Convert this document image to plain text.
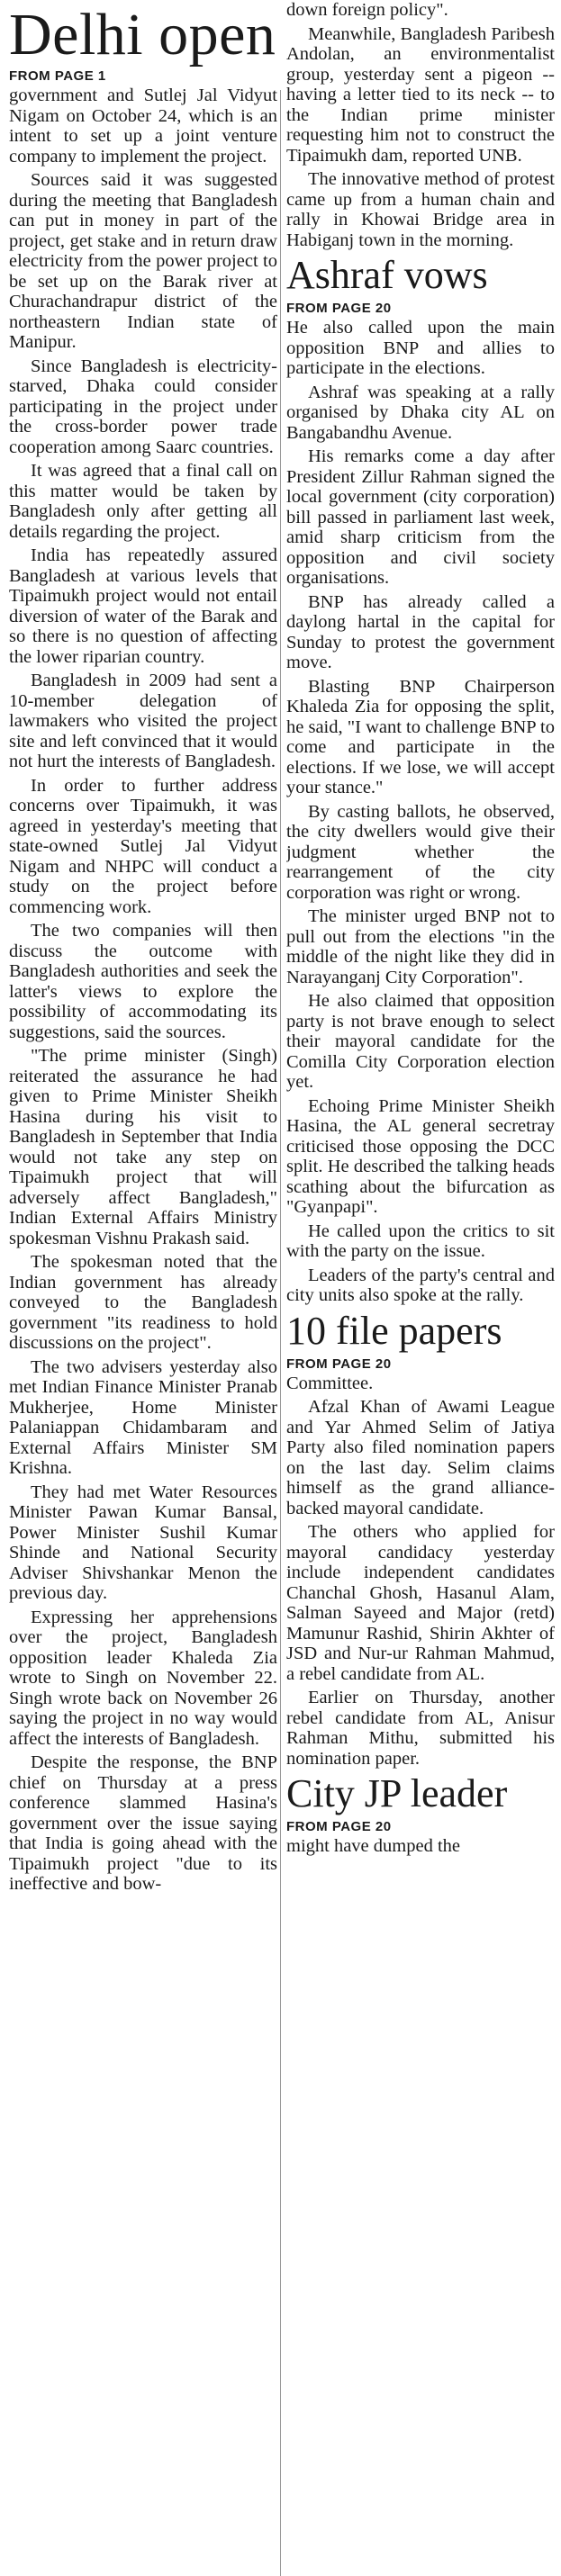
Delhi open
FROM PAGE 1

government and Sutlej Jal Vidyut Nigam on October 24, which is an intent to set up a joint venture company to implement the project.

Sources said it was suggested during the meeting that Bangladesh can put in money in part of the project, get stake and in return draw electricity from the power project to be set up on the Barak river at Churachandrapur district of the northeastern Indian state of Manipur.

Since Bangladesh is electricity-starved, Dhaka could consider participating in the project under the cross-border power trade cooperation among Saarc countries.

It was agreed that a final call on this matter would be taken by Bangladesh only after getting all details regarding the project.

India has repeatedly assured Bangladesh at various levels that Tipaimukh project would not entail diversion of water of the Barak and so there is no question of affecting the lower riparian country.

Bangladesh in 2009 had sent a 10-member delegation of lawmakers who visited the project site and left convinced that it would not hurt the interests of Bangladesh.

In order to further address concerns over Tipaimukh, it was agreed in yesterday's meeting that state-owned Sutlej Jal Vidyut Nigam and NHPC will conduct a study on the project before commencing work.

The two companies will then discuss the outcome with Bangladesh authorities and seek the latter's views to explore the possibility of accommodating its suggestions, said the sources.

"The prime minister (Singh) reiterated the assurance he had given to Prime Minister Sheikh Hasina during his visit to Bangladesh in September that India would not take any step on Tipaimukh project that will adversely affect Bangladesh," Indian External Affairs Ministry spokesman Vishnu Prakash said.

The spokesman noted that the Indian government has already conveyed to the Bangladesh government "its readiness to hold discussions on the project".

The two advisers yesterday also met Indian Finance Minister Pranab Mukherjee, Home Minister Palaniappan Chidambaram and External Affairs Minister SM Krishna.

They had met Water Resources Minister Pawan Kumar Bansal, Power Minister Sushil Kumar Shinde and National Security Adviser Shivshankar Menon the previous day.

Expressing her apprehensions over the project, Bangladesh opposition leader Khaleda Zia wrote to Singh on November 22. Singh wrote back on November 26 saying the project in no way would affect the interests of Bangladesh.

Despite the response, the BNP chief on Thursday at a press conference slammed Hasina's government over the issue saying that India is going ahead with the Tipaimukh project "due to its ineffective and bow-

down foreign policy".

Meanwhile, Bangladesh Paribesh Andolan, an environmentalist group, yesterday sent a pigeon -- having a letter tied to its neck -- to the Indian prime minister requesting him not to construct the Tipaimukh dam, reported UNB.

The innovative method of protest came up from a human chain and rally in Khowai Bridge area in Habiganj town in the morning.

Ashraf vows
FROM PAGE 20

He also called upon the main opposition BNP and allies to participate in the elections.

Ashraf was speaking at a rally organised by Dhaka city AL on Bangabandhu Avenue.

His remarks come a day after President Zillur Rahman signed the local government (city corporation) bill passed in parliament last week, amid sharp criticism from the opposition and civil society organisations.

BNP has already called a daylong hartal in the capital for Sunday to protest the government move.

Blasting BNP Chairperson Khaleda Zia for opposing the split, he said, "I want to challenge BNP to come and participate in the elections. If we lose, we will accept your stance."

By casting ballots, he observed, the city dwellers would give their judgment whether the rearrangement of the city corporation was right or wrong.

The minister urged BNP not to pull out from the elections "in the middle of the night like they did in Narayanganj City Corporation".

He also claimed that opposition party is not brave enough to select their mayoral candidate for the Comilla City Corporation election yet.

Echoing Prime Minister Sheikh Hasina, the AL general secretray criticised those opposing the DCC split. He described the talking heads scathing about the bifurcation as "Gyanpapi".

He called upon the critics to sit with the party on the issue.

Leaders of the party's central and city units also spoke at the rally.

10 file papers
FROM PAGE 20

Committee.

Afzal Khan of Awami League and Yar Ahmed Selim of Jatiya Party also filed nomination papers on the last day. Selim claims himself as the grand alliance-backed mayoral candidate.

The others who applied for mayoral candidacy yesterday include independent candidates Chanchal Ghosh, Hasanul Alam, Salman Sayeed and Major (retd) Mamunur Rashid, Shirin Akhter of JSD and Nur-ur Rahman Mahmud, a rebel candidate from AL.

Earlier on Thursday, another rebel candidate from AL, Anisur Rahman Mithu, submitted his nomination paper.

City JP leader
FROM PAGE 20

might have dumped the
